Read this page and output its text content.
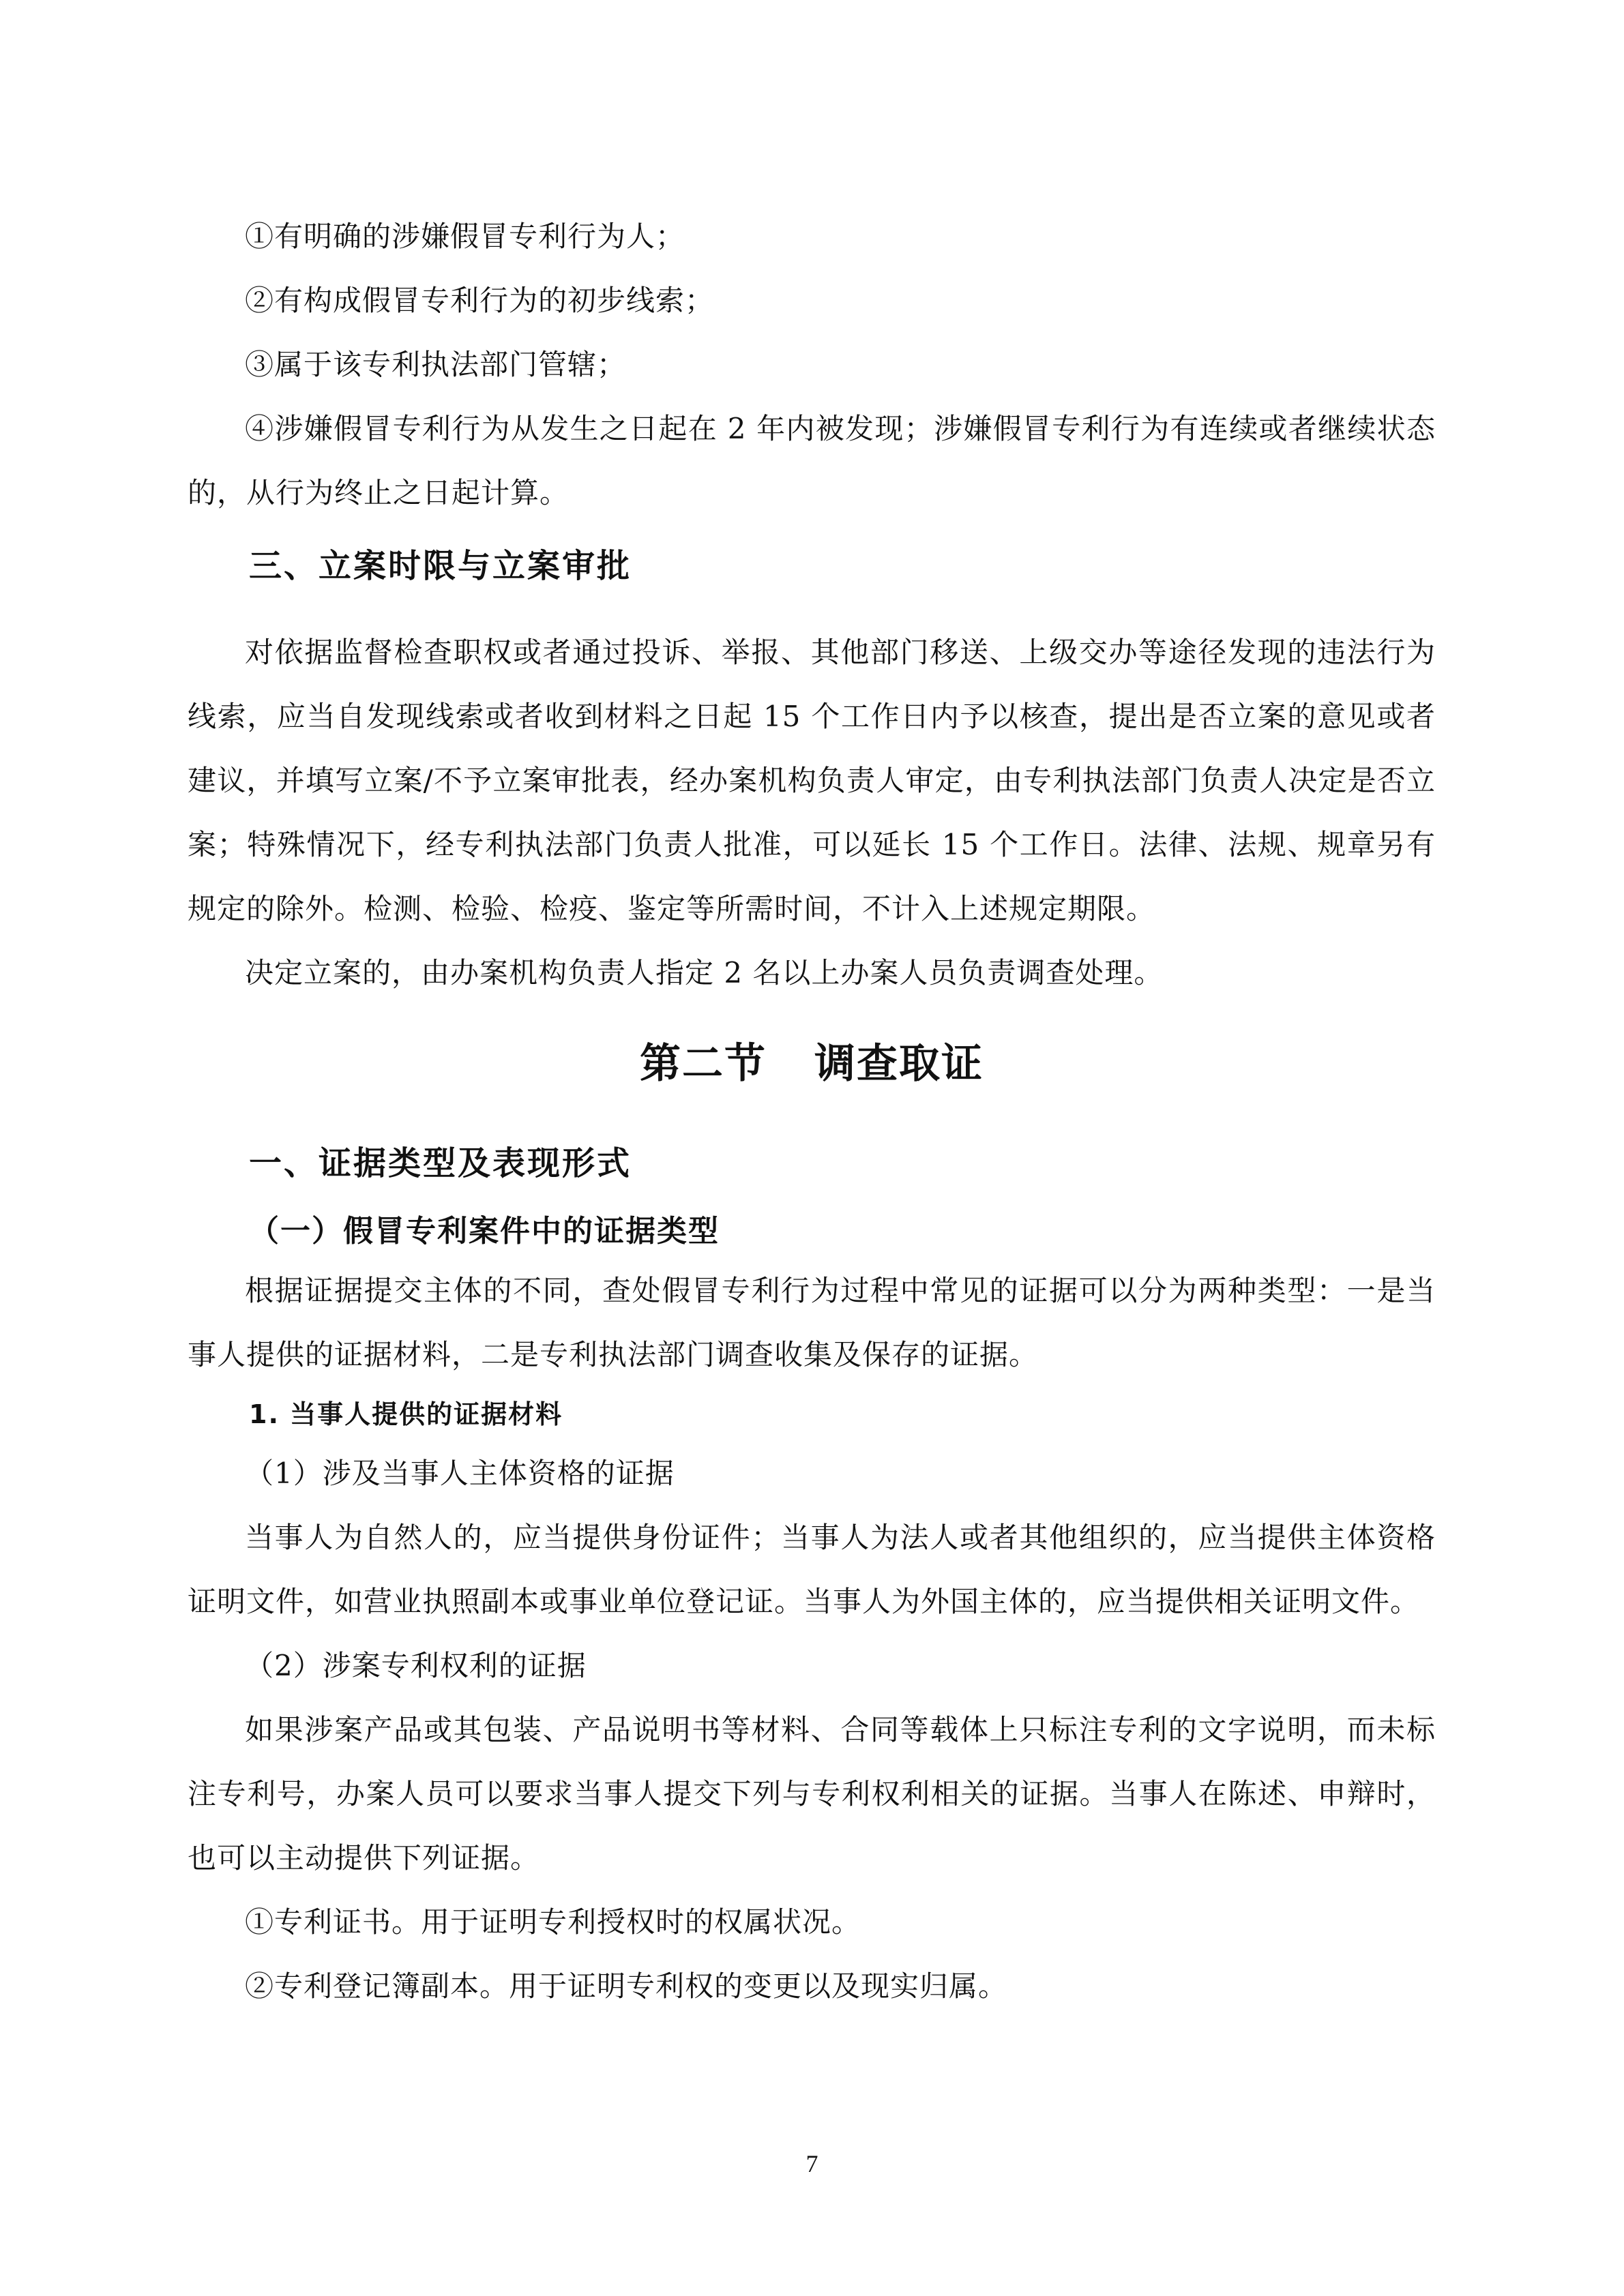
①有明确的涉嫌假冒专利行为人；

②有构成假冒专利行为的初步线索；

③属于该专利执法部门管辖；

④涉嫌假冒专利行为从发生之日起在 2 年内被发现；涉嫌假冒专利行为有连续或者继续状态的，从行为终止之日起计算。

三、立案时限与立案审批

对依据监督检查职权或者通过投诉、举报、其他部门移送、上级交办等途径发现的违法行为线索，应当自发现线索或者收到材料之日起 15 个工作日内予以核查，提出是否立案的意见或者建议，并填写立案/不予立案审批表，经办案机构负责人审定，由专利执法部门负责人决定是否立案；特殊情况下，经专利执法部门负责人批准，可以延长 15 个工作日。法律、法规、规章另有规定的除外。检测、检验、检疫、鉴定等所需时间，不计入上述规定期限。

决定立案的，由办案机构负责人指定 2 名以上办案人员负责调查处理。

第二节 调查取证
一、证据类型及表现形式
（一）假冒专利案件中的证据类型

根据证据提交主体的不同，查处假冒专利行为过程中常见的证据可以分为两种类型：一是当事人提供的证据材料，二是专利执法部门调查收集及保存的证据。

1. 当事人提供的证据材料

（1）涉及当事人主体资格的证据

当事人为自然人的，应当提供身份证件；当事人为法人或者其他组织的，应当提供主体资格证明文件，如营业执照副本或事业单位登记证。当事人为外国主体的，应当提供相关证明文件。

（2）涉案专利权利的证据

如果涉案产品或其包装、产品说明书等材料、合同等载体上只标注专利的文字说明，而未标注专利号，办案人员可以要求当事人提交下列与专利权利相关的证据。当事人在陈述、申辩时，也可以主动提供下列证据。

①专利证书。用于证明专利授权时的权属状况。

②专利登记簿副本。用于证明专利权的变更以及现实归属。

7
